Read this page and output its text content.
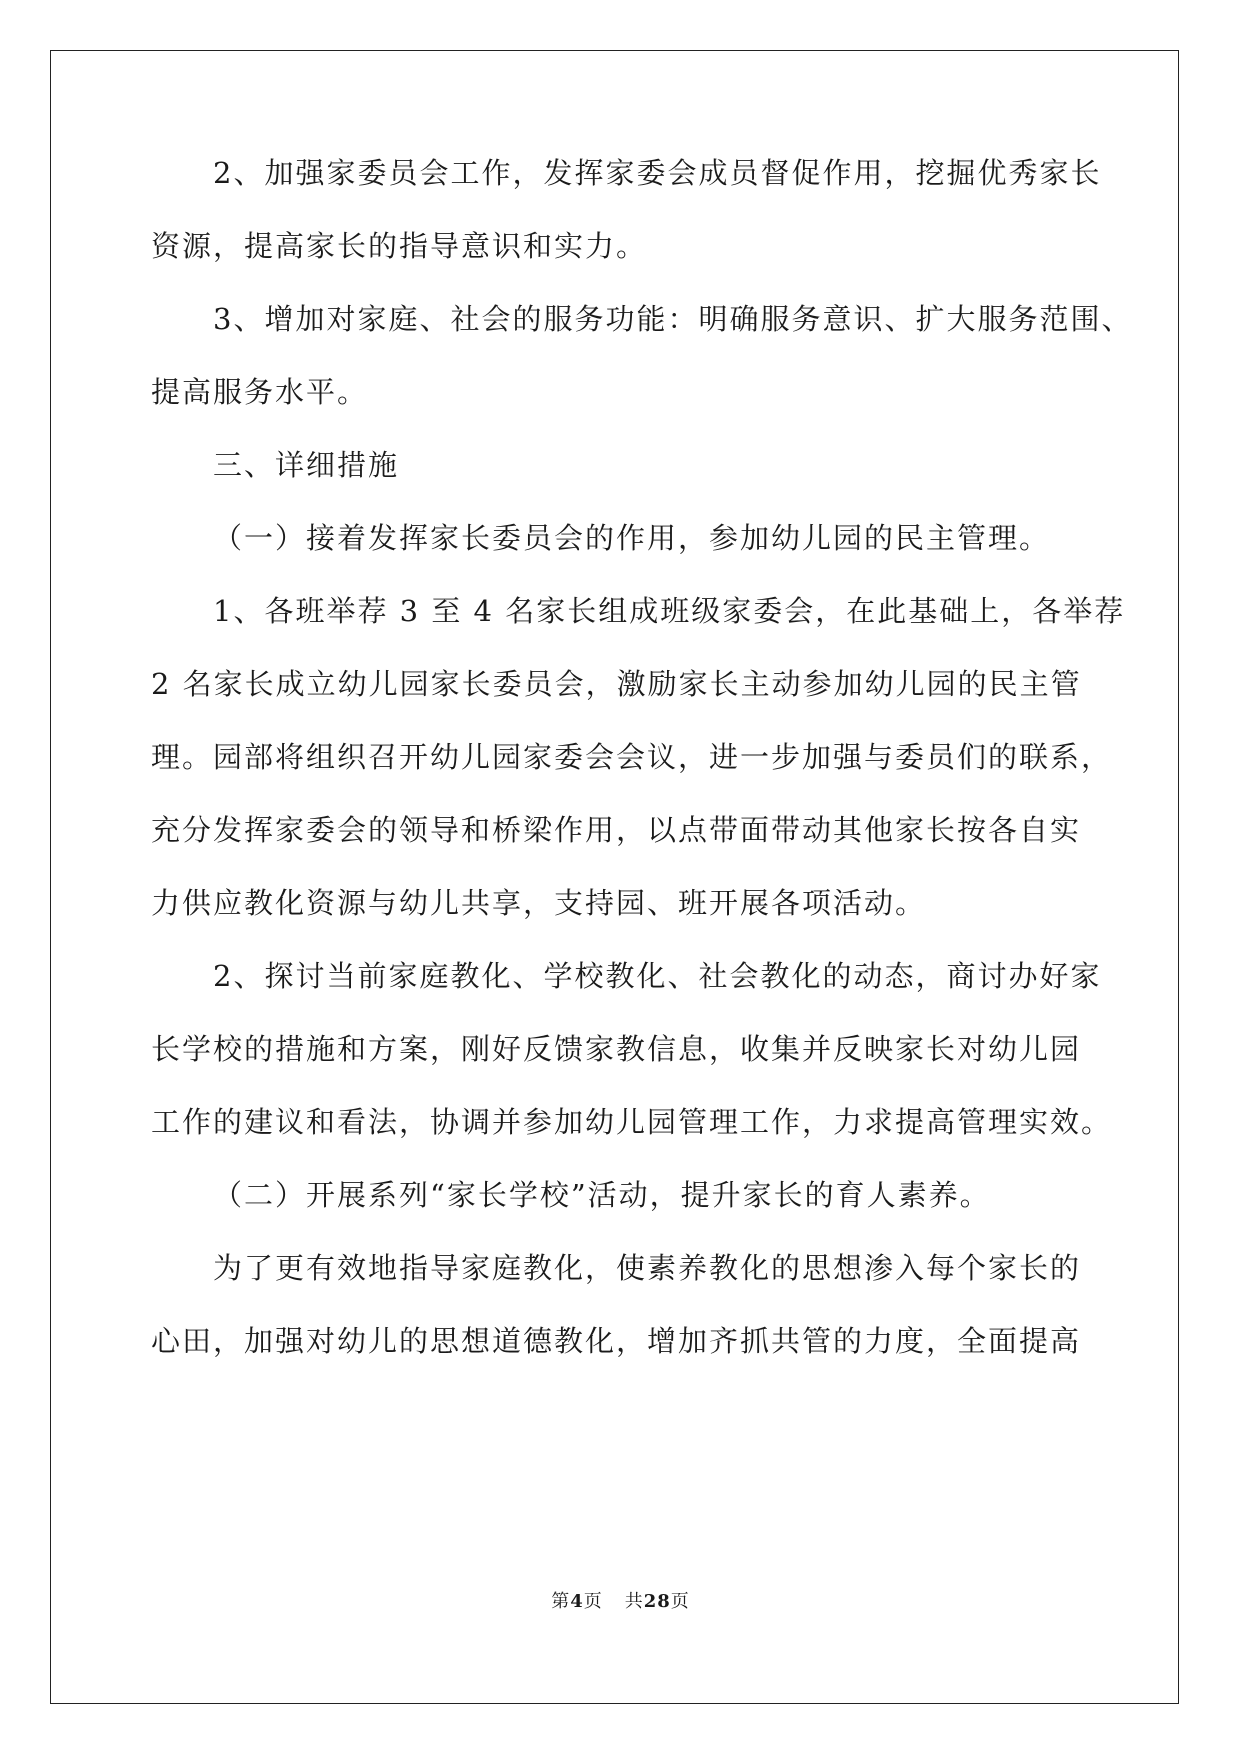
2、加强家委员会工作，发挥家委会成员督促作用，挖掘优秀家长
资源，提高家长的指导意识和实力。
3、增加对家庭、社会的服务功能：明确服务意识、扩大服务范围、
提高服务水平。
三、详细措施
（一）接着发挥家长委员会的作用，参加幼儿园的民主管理。
1、各班举荐 3 至 4 名家长组成班级家委会，在此基础上，各举荐
2 名家长成立幼儿园家长委员会，激励家长主动参加幼儿园的民主管
理。园部将组织召开幼儿园家委会会议，进一步加强与委员们的联系，
充分发挥家委会的领导和桥梁作用，以点带面带动其他家长按各自实
力供应教化资源与幼儿共享，支持园、班开展各项活动。
2、探讨当前家庭教化、学校教化、社会教化的动态，商讨办好家
长学校的措施和方案，刚好反馈家教信息，收集并反映家长对幼儿园
工作的建议和看法，协调并参加幼儿园管理工作，力求提高管理实效。
（二）开展系列“家长学校”活动，提升家长的育人素养。
为了更有效地指导家庭教化，使素养教化的思想渗入每个家长的
心田，加强对幼儿的思想道德教化，增加齐抓共管的力度，全面提高
第4页 共28页
